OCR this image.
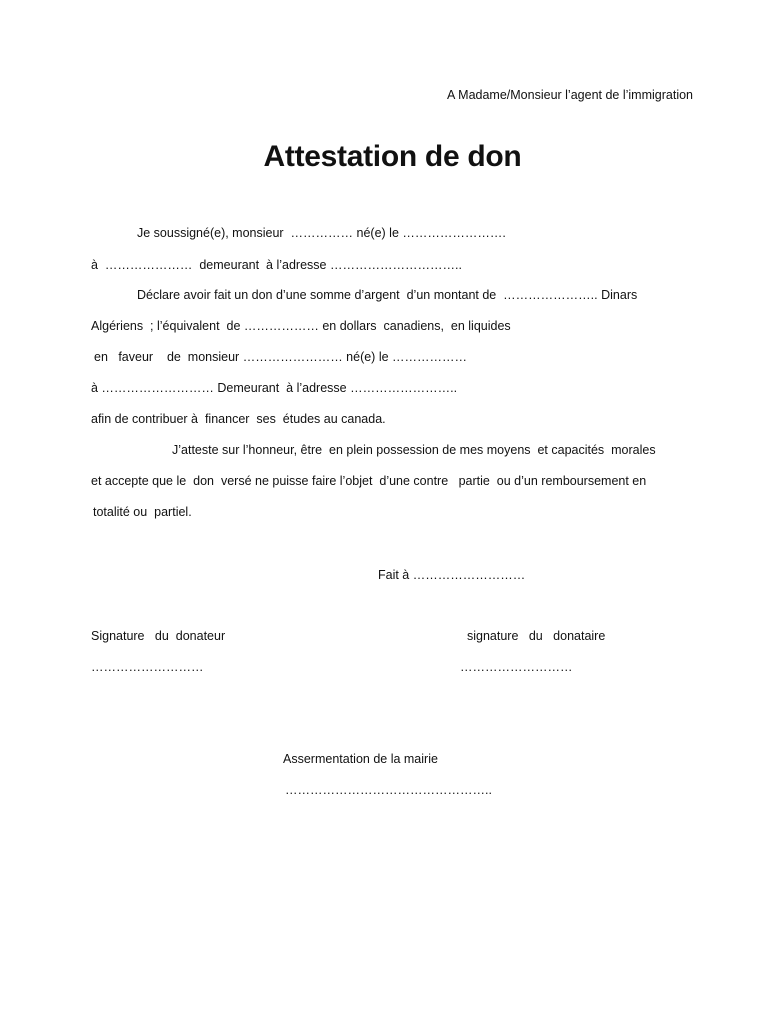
A Madame/Monsieur l’agent de l’immigration
Attestation de don
Je soussigné(e), monsieur  …………… né(e) le …………………….
à  …………………  demeurant  à l’adresse …………………………..
Déclare avoir fait un don d’une somme d’argent  d’un montant de  ………………….. Dinars
Algériens  ; l’équivalent  de ……………… en dollars  canadiens,  en liquides
en   faveur    de  monsieur …………………… né(e) le ………………
à ……………………… Demeurant  à l’adresse ……………………..
afin de contribuer à  financer  ses  études au canada.
J’atteste sur l’honneur, être  en plein possession de mes moyens  et capacités  morales
et accepte que le  don  versé ne puisse faire l’objet  d’une contre   partie  ou d’un remboursement en
totalité ou  partiel.
Fait à ………………………
Signature   du  donateur	signature   du   donataire
………………………	………………………
Assermentation de la mairie
…………………………………………..
